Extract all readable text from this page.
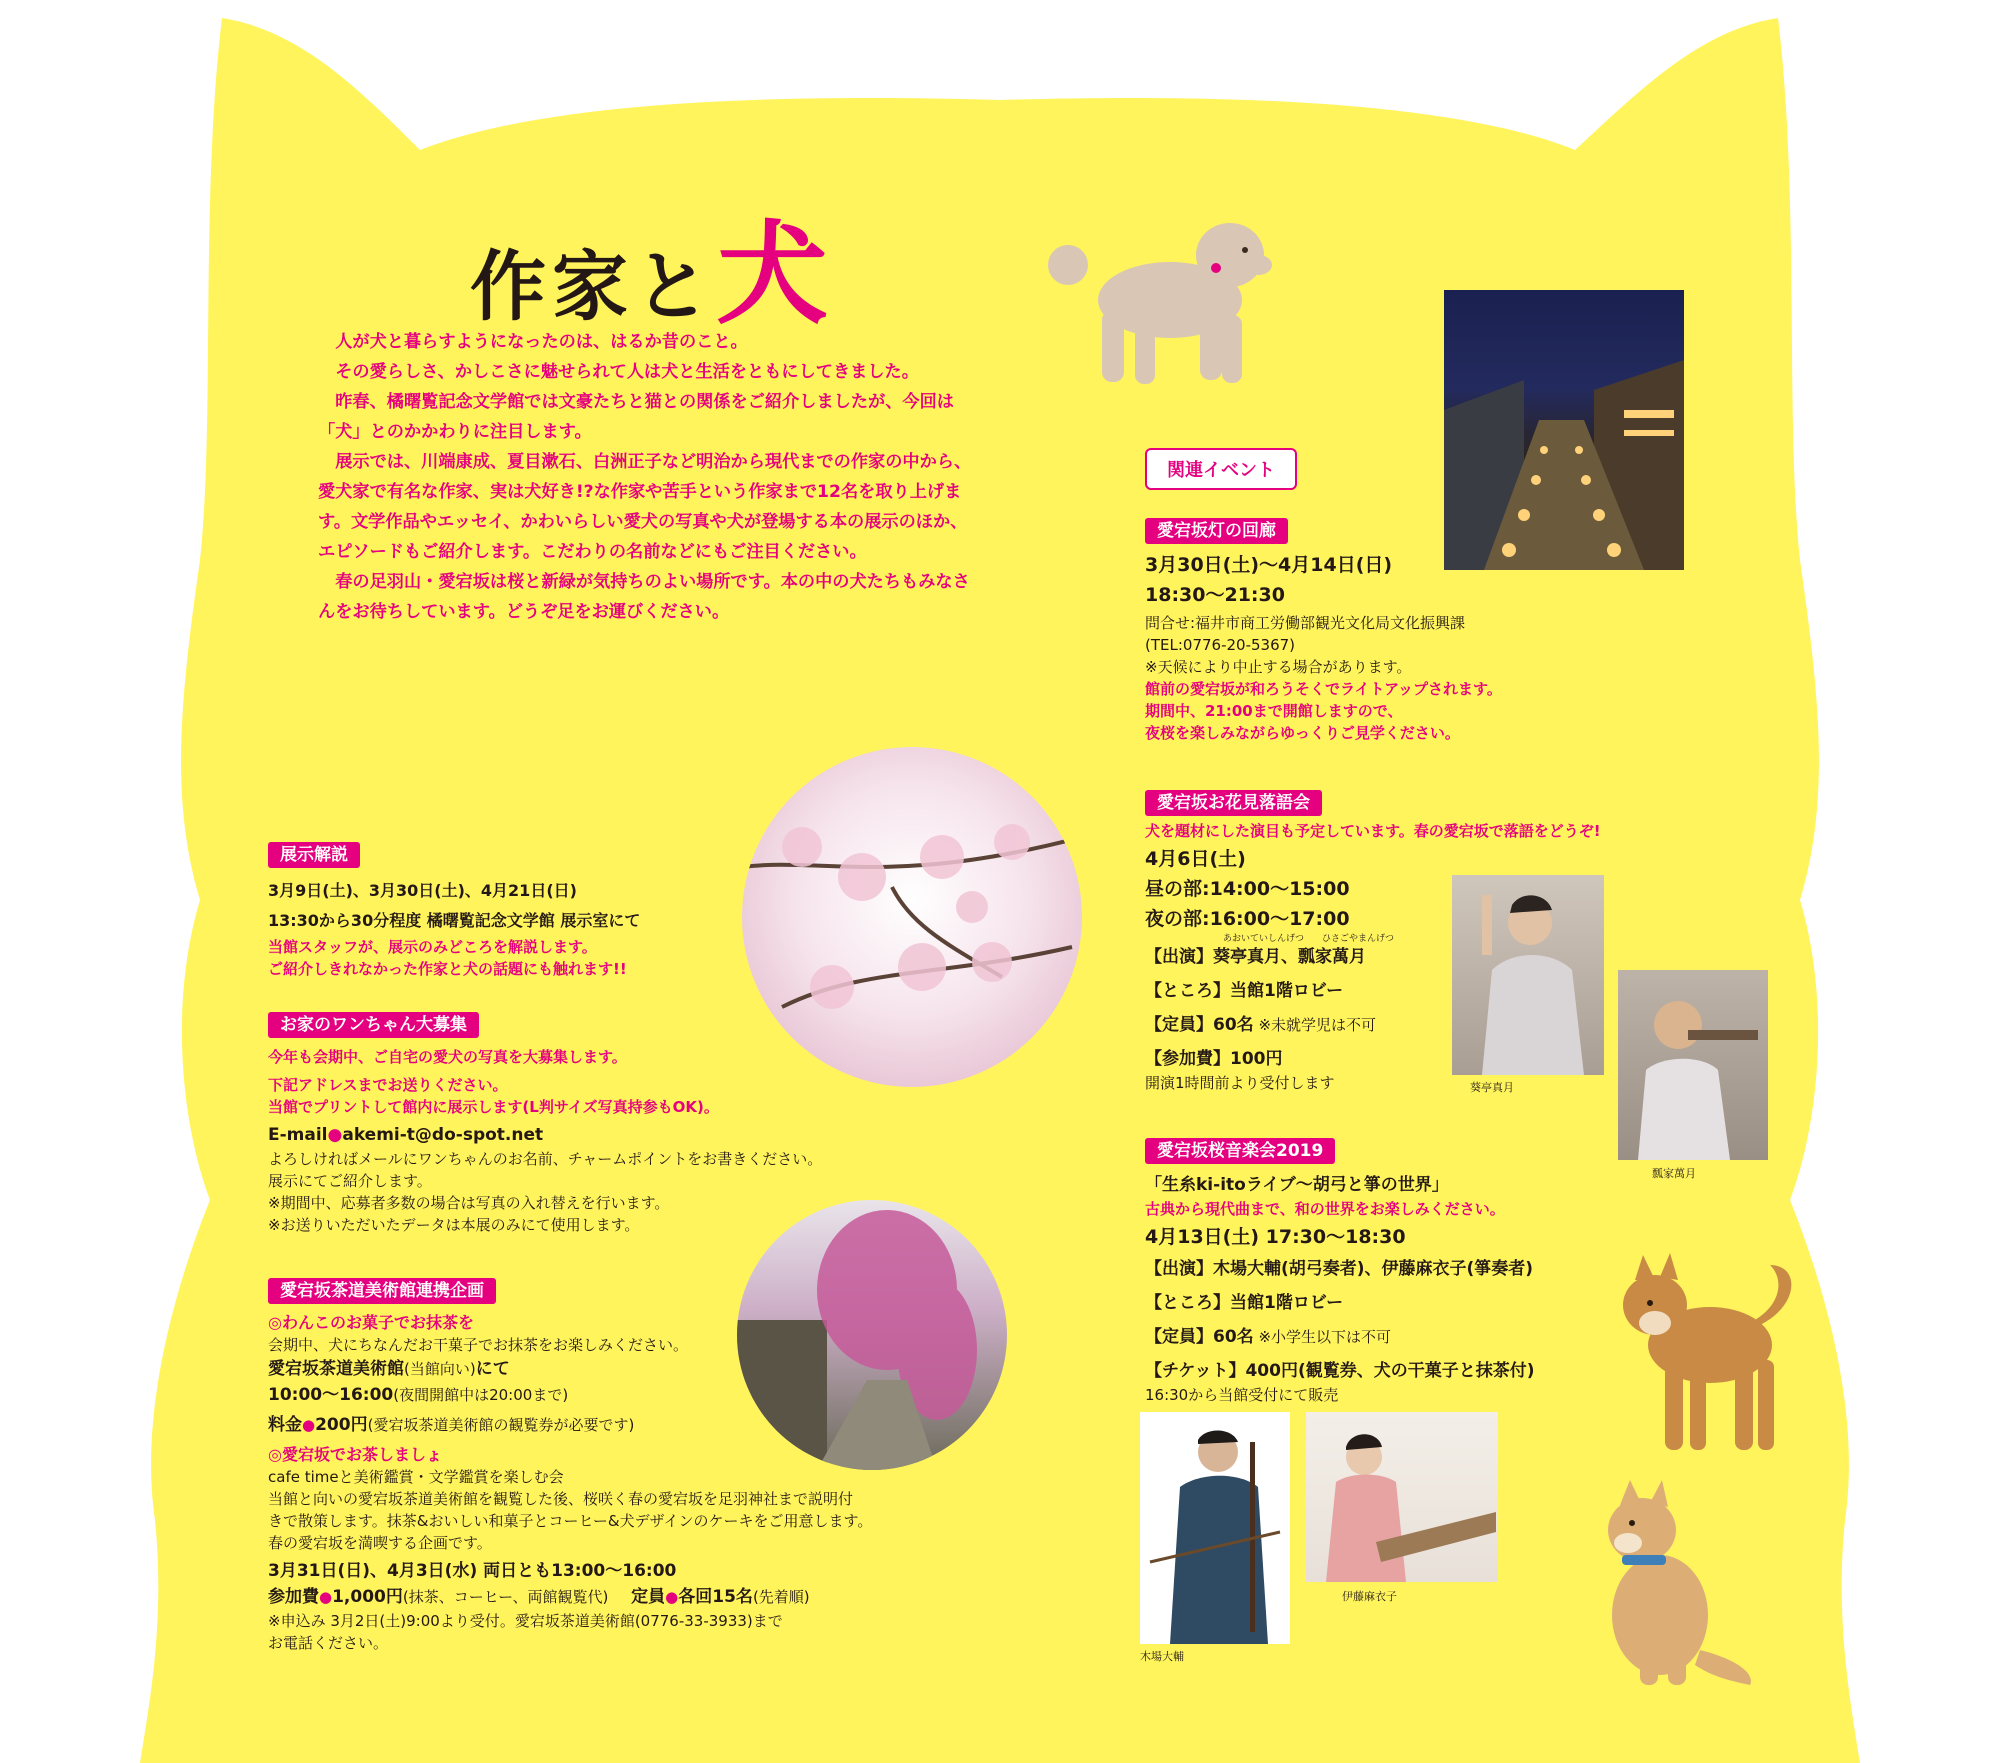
作家と犬

人が犬と暮らすようになったのは、はるか昔のこと。

その愛らしさ、かしこさに魅せられて人は犬と生活をともにしてきました。

昨春、橘曙覧記念文学館では文豪たちと猫との関係をご紹介しましたが、今回は「犬」とのかかわりに注目します。

展示では、川端康成、夏目漱石、白洲正子など明治から現代までの作家の中から、愛犬家で有名な作家、実は犬好き!?な作家や苦手という作家まで12名を取り上げます。文学作品やエッセイ、かわいらしい愛犬の写真や犬が登場する本の展示のほか、エピソードもご紹介します。こだわりの名前などにもご注目ください。

春の足羽山・愛宕坂は桜と新緑が気持ちのよい場所です。本の中の犬たちもみなさんをお待ちしています。どうぞ足をお運びください。

展示解説
3月9日(土)、3月30日(土)、4月21日(日)
13:30から30分程度 橘曙覧記念文学館 展示室にて
当館スタッフが、展示のみどころを解説します。
ご紹介しきれなかった作家と犬の話題にも触れます!!
お家のワンちゃん大募集
今年も会期中、ご自宅の愛犬の写真を大募集します。
下記アドレスまでお送りください。
当館でプリントして館内に展示します(L判サイズ写真持参もOK)。
E-mail●akemi-t@do-spot.net
よろしければメールにワンちゃんのお名前、チャームポイントをお書きください。
展示にてご紹介します。
※期間中、応募者多数の場合は写真の入れ替えを行います。
※お送りいただいたデータは本展のみにて使用します。
愛宕坂茶道美術館連携企画
◎わんこのお菓子でお抹茶を
会期中、犬にちなんだお干菓子でお抹茶をお楽しみください。
愛宕坂茶道美術館(当館向い)にて
10:00〜16:00(夜間開館中は20:00まで)
料金●200円(愛宕坂茶道美術館の観覧券が必要です)
◎愛宕坂でお茶しましょ
cafe timeと美術鑑賞・文学鑑賞を楽しむ会
当館と向いの愛宕坂茶道美術館を観覧した後、桜咲く春の愛宕坂を足羽神社まで説明付
きで散策します。抹茶&おいしい和菓子とコーヒー&犬デザインのケーキをご用意します。
春の愛宕坂を満喫する企画です。
3月31日(日)、4月3日(水) 両日とも13:00〜16:00
参加費●1,000円(抹茶、コーヒー、両館観覧代) 定員●各回15名(先着順)
※申込み 3月2日(土)9:00より受付。愛宕坂茶道美術館(0776-33-3933)まで
お電話ください。
関連イベント
愛宕坂灯の回廊
3月30日(土)〜4月14日(日)
18:30〜21:30
問合せ:福井市商工労働部観光文化局文化振興課
(TEL:0776-20-5367)
※天候により中止する場合があります。
館前の愛宕坂が和ろうそくでライトアップされます。
期間中、21:00まで開館しますので、
夜桜を楽しみながらゆっくりご見学ください。
愛宕坂お花見落語会
犬を題材にした演目も予定しています。春の愛宕坂で落語をどうぞ!
4月6日(土)
昼の部:14:00〜15:00
夜の部:16:00〜17:00
あおいていしんげつ　　ひさごやまんげつ
【出演】葵亭真月、瓢家萬月
【ところ】当館1階ロビー
【定員】60名 ※未就学児は不可
【参加費】100円
開演1時間前より受付します	葵亭真月
瓢家萬月
愛宕坂桜音楽会2019
「生糸ki-itoライブ〜胡弓と箏の世界」
古典から現代曲まで、和の世界をお楽しみください。
4月13日(土) 17:30〜18:30
【出演】木場大輔(胡弓奏者)、伊藤麻衣子(箏奏者)
【ところ】当館1階ロビー
【定員】60名 ※小学生以下は不可
【チケット】400円(観覧券、犬の干菓子と抹茶付)
16:30から当館受付にて販売
木場大輔
伊藤麻衣子
